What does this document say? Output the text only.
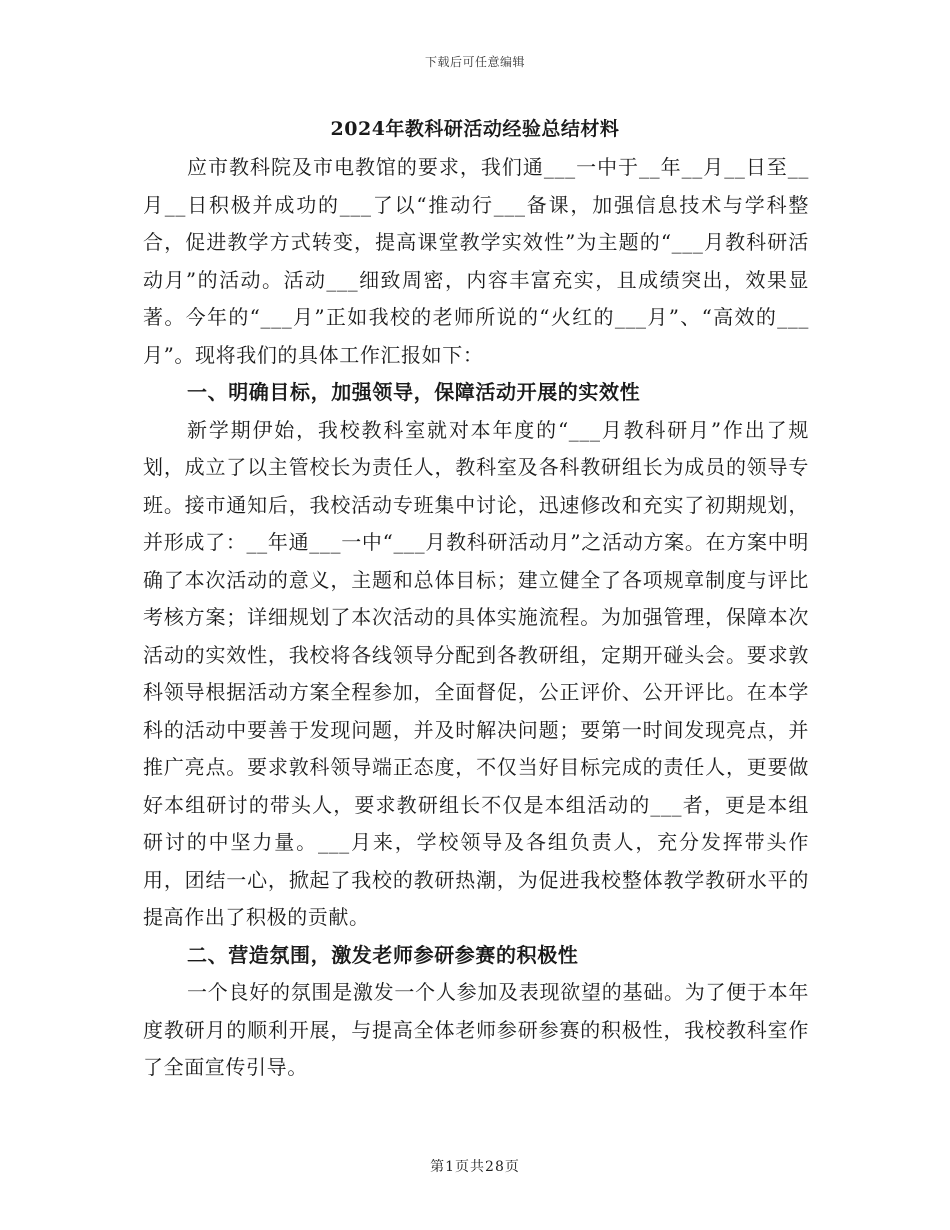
下载后可任意编辑
2024年教科研活动经验总结材料

应市教科院及市电教馆的要求，我们通___一中于__年__月__日至__月__日积极并成功的___了以“推动行___备课，加强信息技术与学科整合，促进教学方式转变，提高课堂教学实效性”为主题的“___月教科研活动月”的活动。活动___细致周密，内容丰富充实，且成绩突出，效果显著。今年的“___月”正如我校的老师所说的“火红的___月”、“高效的___月”。现将我们的具体工作汇报如下：

一、明确目标，加强领导，保障活动开展的实效性

新学期伊始，我校教科室就对本年度的“___月教科研月”作出了规划，成立了以主管校长为责任人，教科室及各科教研组长为成员的领导专班。接市通知后，我校活动专班集中讨论，迅速修改和充实了初期规划，并形成了：__年通___一中“___月教科研活动月”之活动方案。在方案中明确了本次活动的意义，主题和总体目标；建立健全了各项规章制度与评比考核方案；详细规划了本次活动的具体实施流程。为加强管理，保障本次活动的实效性，我校将各线领导分配到各教研组，定期开碰头会。要求敦科领导根据活动方案全程参加，全面督促，公正评价、公开评比。在本学科的活动中要善于发现问题，并及时解决问题；要第一时间发现亮点，并推广亮点。要求敦科领导端正态度，不仅当好目标完成的责任人，更要做好本组研讨的带头人，要求教研组长不仅是本组活动的___者，更是本组研讨的中坚力量。___月来，学校领导及各组负责人，充分发挥带头作用，团结一心，掀起了我校的教研热潮，为促进我校整体教学教研水平的提高作出了积极的贡献。

二、营造氛围，激发老师参研参赛的积极性

一个良好的氛围是激发一个人参加及表现欲望的基础。为了便于本年度教研月的顺利开展，与提高全体老师参研参赛的积极性，我校教科室作了全面宣传引导。

第1页共28页
